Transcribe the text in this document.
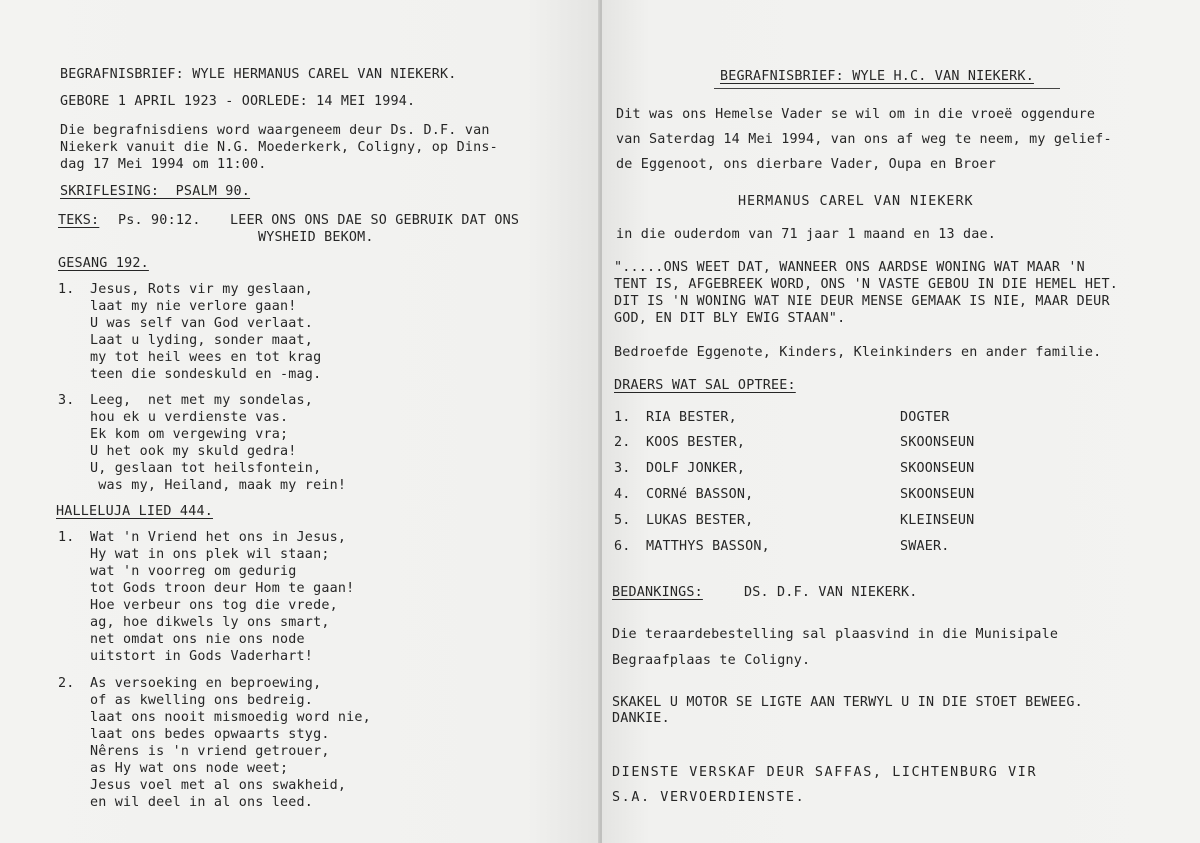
BEGRAFNISBRIEF: WYLE HERMANUS CAREL VAN NIEKERK.
GEBORE 1 APRIL 1923 - OORLEDE: 14 MEI 1994.
Die begrafnisdiens word waargeneem deur Ds. D.F. van
Niekerk vanuit die N.G. Moederkerk, Coligny, op Dins-
dag 17 Mei 1994 om 11:00.
SKRIFLESING:  PSALM 90.
TEKS: Ps. 90:12. LEER ONS ONS DAE SO GEBRUIK DAT ONS
WYSHEID BEKOM.
GESANG 192.
1. Jesus, Rots vir my geslaan,
laat my nie verlore gaan!
U was self van God verlaat.
Laat u lyding, sonder maat,
my tot heil wees en tot krag
teen die sondeskuld en -mag.
3. Leeg,  net met my sondelas,
hou ek u verdienste vas.
Ek kom om vergewing vra;
U het ook my skuld gedra!
U, geslaan tot heilsfontein,
was my, Heiland, maak my rein!
HALLELUJA LIED 444.
1. Wat 'n Vriend het ons in Jesus,
Hy wat in ons plek wil staan;
wat 'n voorreg om gedurig
tot Gods troon deur Hom te gaan!
Hoe verbeur ons tog die vrede,
ag, hoe dikwels ly ons smart,
net omdat ons nie ons node
uitstort in Gods Vaderhart!
2. As versoeking en beproewing,
of as kwelling ons bedreig.
laat ons nooit mismoedig word nie,
laat ons bedes opwaarts styg.
Nêrens is 'n vriend getrouer,
as Hy wat ons node weet;
Jesus voel met al ons swakheid,
en wil deel in al ons leed.
BEGRAFNISBRIEF: WYLE H.C. VAN NIEKERK.
Dit was ons Hemelse Vader se wil om in die vroeë oggendure
van Saterdag 14 Mei 1994, van ons af weg te neem, my gelief-
de Eggenoot, ons dierbare Vader, Oupa en Broer
HERMANUS CAREL VAN NIEKERK
in die ouderdom van 71 jaar 1 maand en 13 dae.
".....ONS WEET DAT, WANNEER ONS AARDSE WONING WAT MAAR 'N
TENT IS, AFGEBREEK WORD, ONS 'N VASTE GEBOU IN DIE HEMEL HET.
DIT IS 'N WONING WAT NIE DEUR MENSE GEMAAK IS NIE, MAAR DEUR
GOD, EN DIT BLY EWIG STAAN".
Bedroefde Eggenote, Kinders, Kleinkinders en ander familie.
DRAERS WAT SAL OPTREE:
1. RIA BESTER,	DOGTER
2. KOOS BESTER,	SKOONSEUN
3. DOLF JONKER,	SKOONSEUN
4. CORNé BASSON,	SKOONSEUN
5. LUKAS BESTER,	KLEINSEUN
6. MATTHYS BASSON,	SWAER.
BEDANKINGS:	DS. D.F. VAN NIEKERK.
Die teraardebestelling sal plaasvind in die Munisipale
Begraafplaas te Coligny.
SKAKEL U MOTOR SE LIGTE AAN TERWYL U IN DIE STOET BEWEEG.
DANKIE.
DIENSTE VERSKAF DEUR SAFFAS, LICHTENBURG VIR
S.A. VERVOERDIENSTE.
